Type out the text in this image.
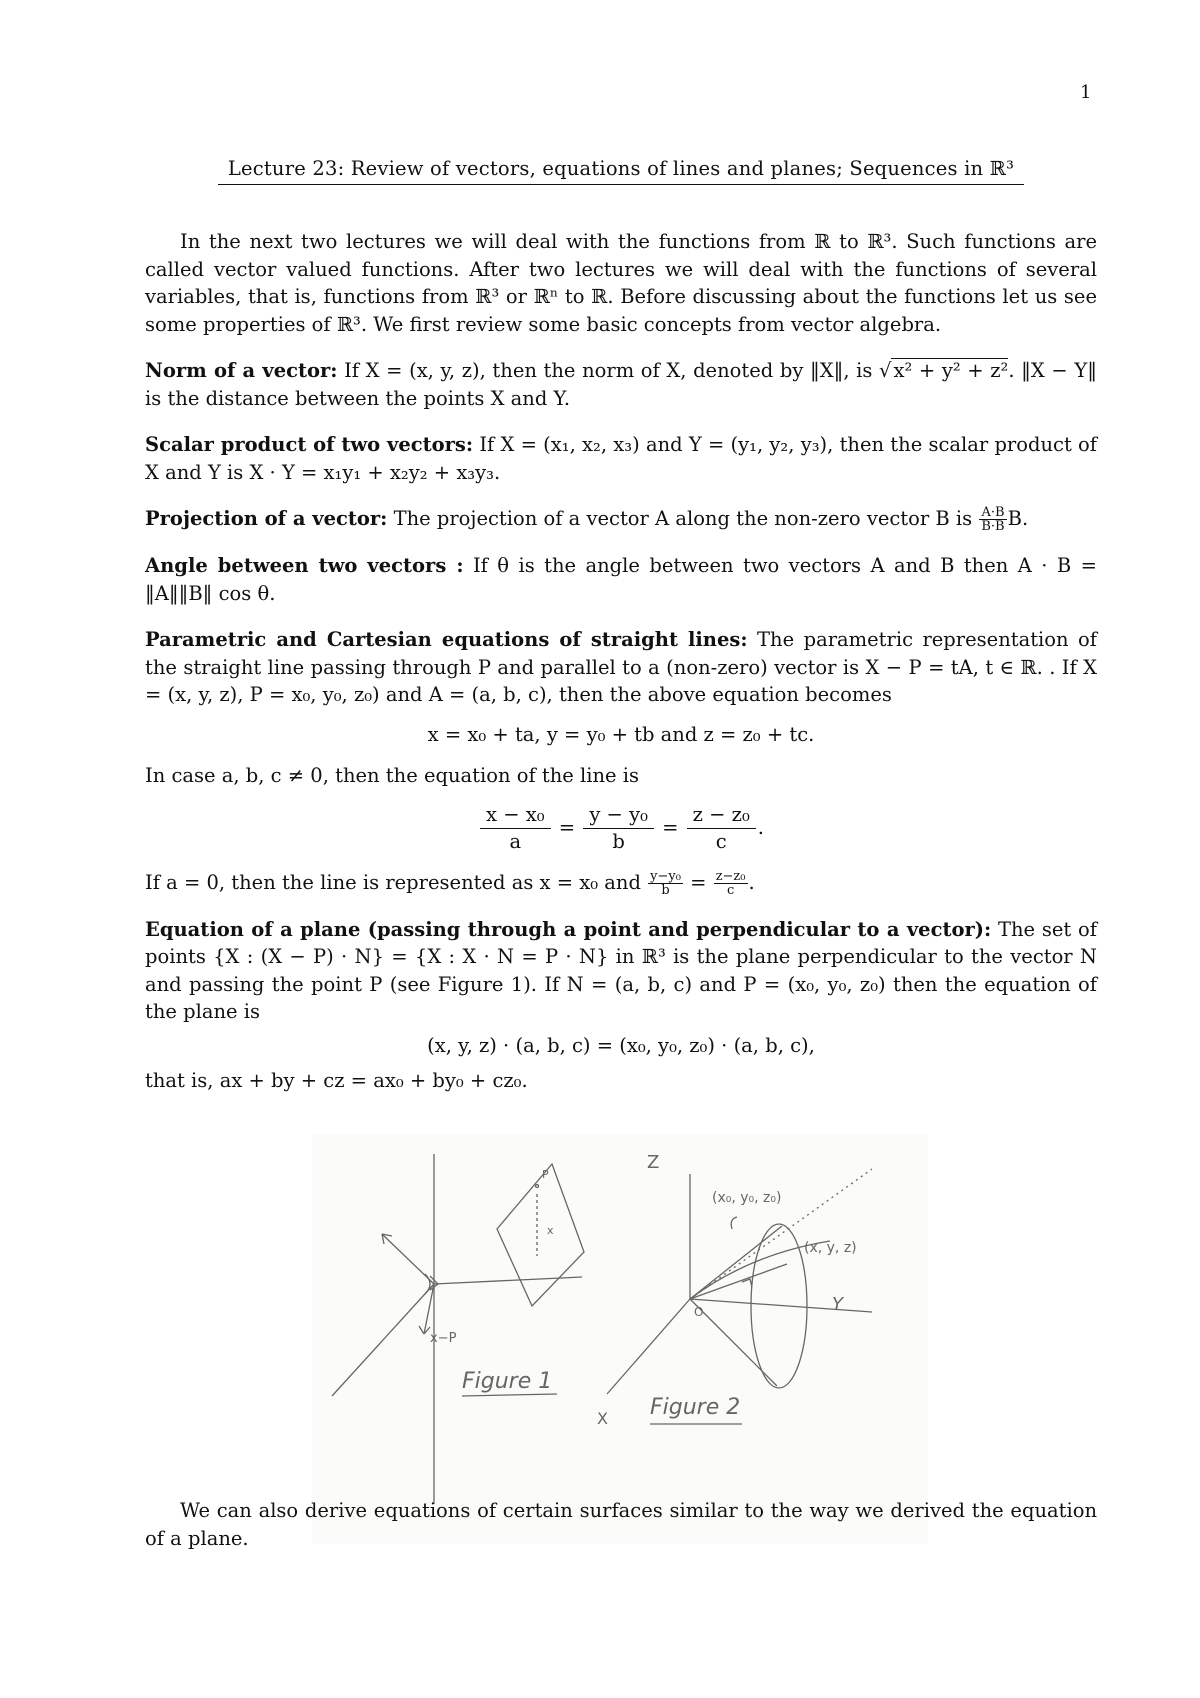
1
Lecture 23: Review of vectors, equations of lines and planes; Sequences in ℝ³

In the next two lectures we will deal with the functions from ℝ to ℝ³. Such functions are called vector valued functions. After two lectures we will deal with the functions of several variables, that is, functions from ℝ³ or ℝⁿ to ℝ. Before discussing about the functions let us see some properties of ℝ³. We first review some basic concepts from vector algebra.

Norm of a vector: If X = (x, y, z), then the norm of X, denoted by ‖X‖, is √ x² + y² + z². ‖X − Y‖ is the distance between the points X and Y.

Scalar product of two vectors: If X = (x₁, x₂, x₃) and Y = (y₁, y₂, y₃), then the scalar product of X and Y is X · Y = x₁y₁ + x₂y₂ + x₃y₃.

Projection of a vector: The projection of a vector A along the non-zero vector B is $\frac{A\cdot B}{B\cdot B} B$.

Angle between two vectors : If θ is the angle between two vectors A and B then A · B = ‖A‖‖B‖ cos θ.

Parametric and Cartesian equations of straight lines: The parametric representation of the straight line passing through P and parallel to a (non-zero) vector is X − P = tA, t ∈ ℝ. . If X = (x, y, z), P = x₀, y₀, z₀) and A = (a, b, c), then the above equation becomes

x = x₀ + ta, y = y₀ + tb and z = z₀ + tc.

In case a, b, c ≠ 0, then the equation of the line is

$\frac{\text{x − x₀}}{a} = \frac{\text{y − y₀}}{b} = \frac{\text{z − z₀}}{c}$ .

If a = 0, then the line is represented as x = x₀ and $\frac{\text{y−y₀}}{b} = \frac{\text{z−z₀}}{c}$ .

Equation of a plane (passing through a point and perpendicular to a vector): The set of points {X : (X − P) · N} = {X : X · N = P · N} in ℝ³ is the plane perpendicular to the vector N and passing the point P (see Figure 1). If N = (a, b, c) and P = (x₀, y₀, z₀) then the equation of the plane is

(x, y, z) · (a, b, c) = (x₀, y₀, z₀) · (a, b, c),

that is, ax + by + cz = ax₀ + by₀ + cz₀.

P
x
x−P
Figure 1
Z
Y
X
O
(x₀, y₀, z₀)
(x, y, z)
Figure 2

We can also derive equations of certain surfaces similar to the way we derived the equation of a plane.
